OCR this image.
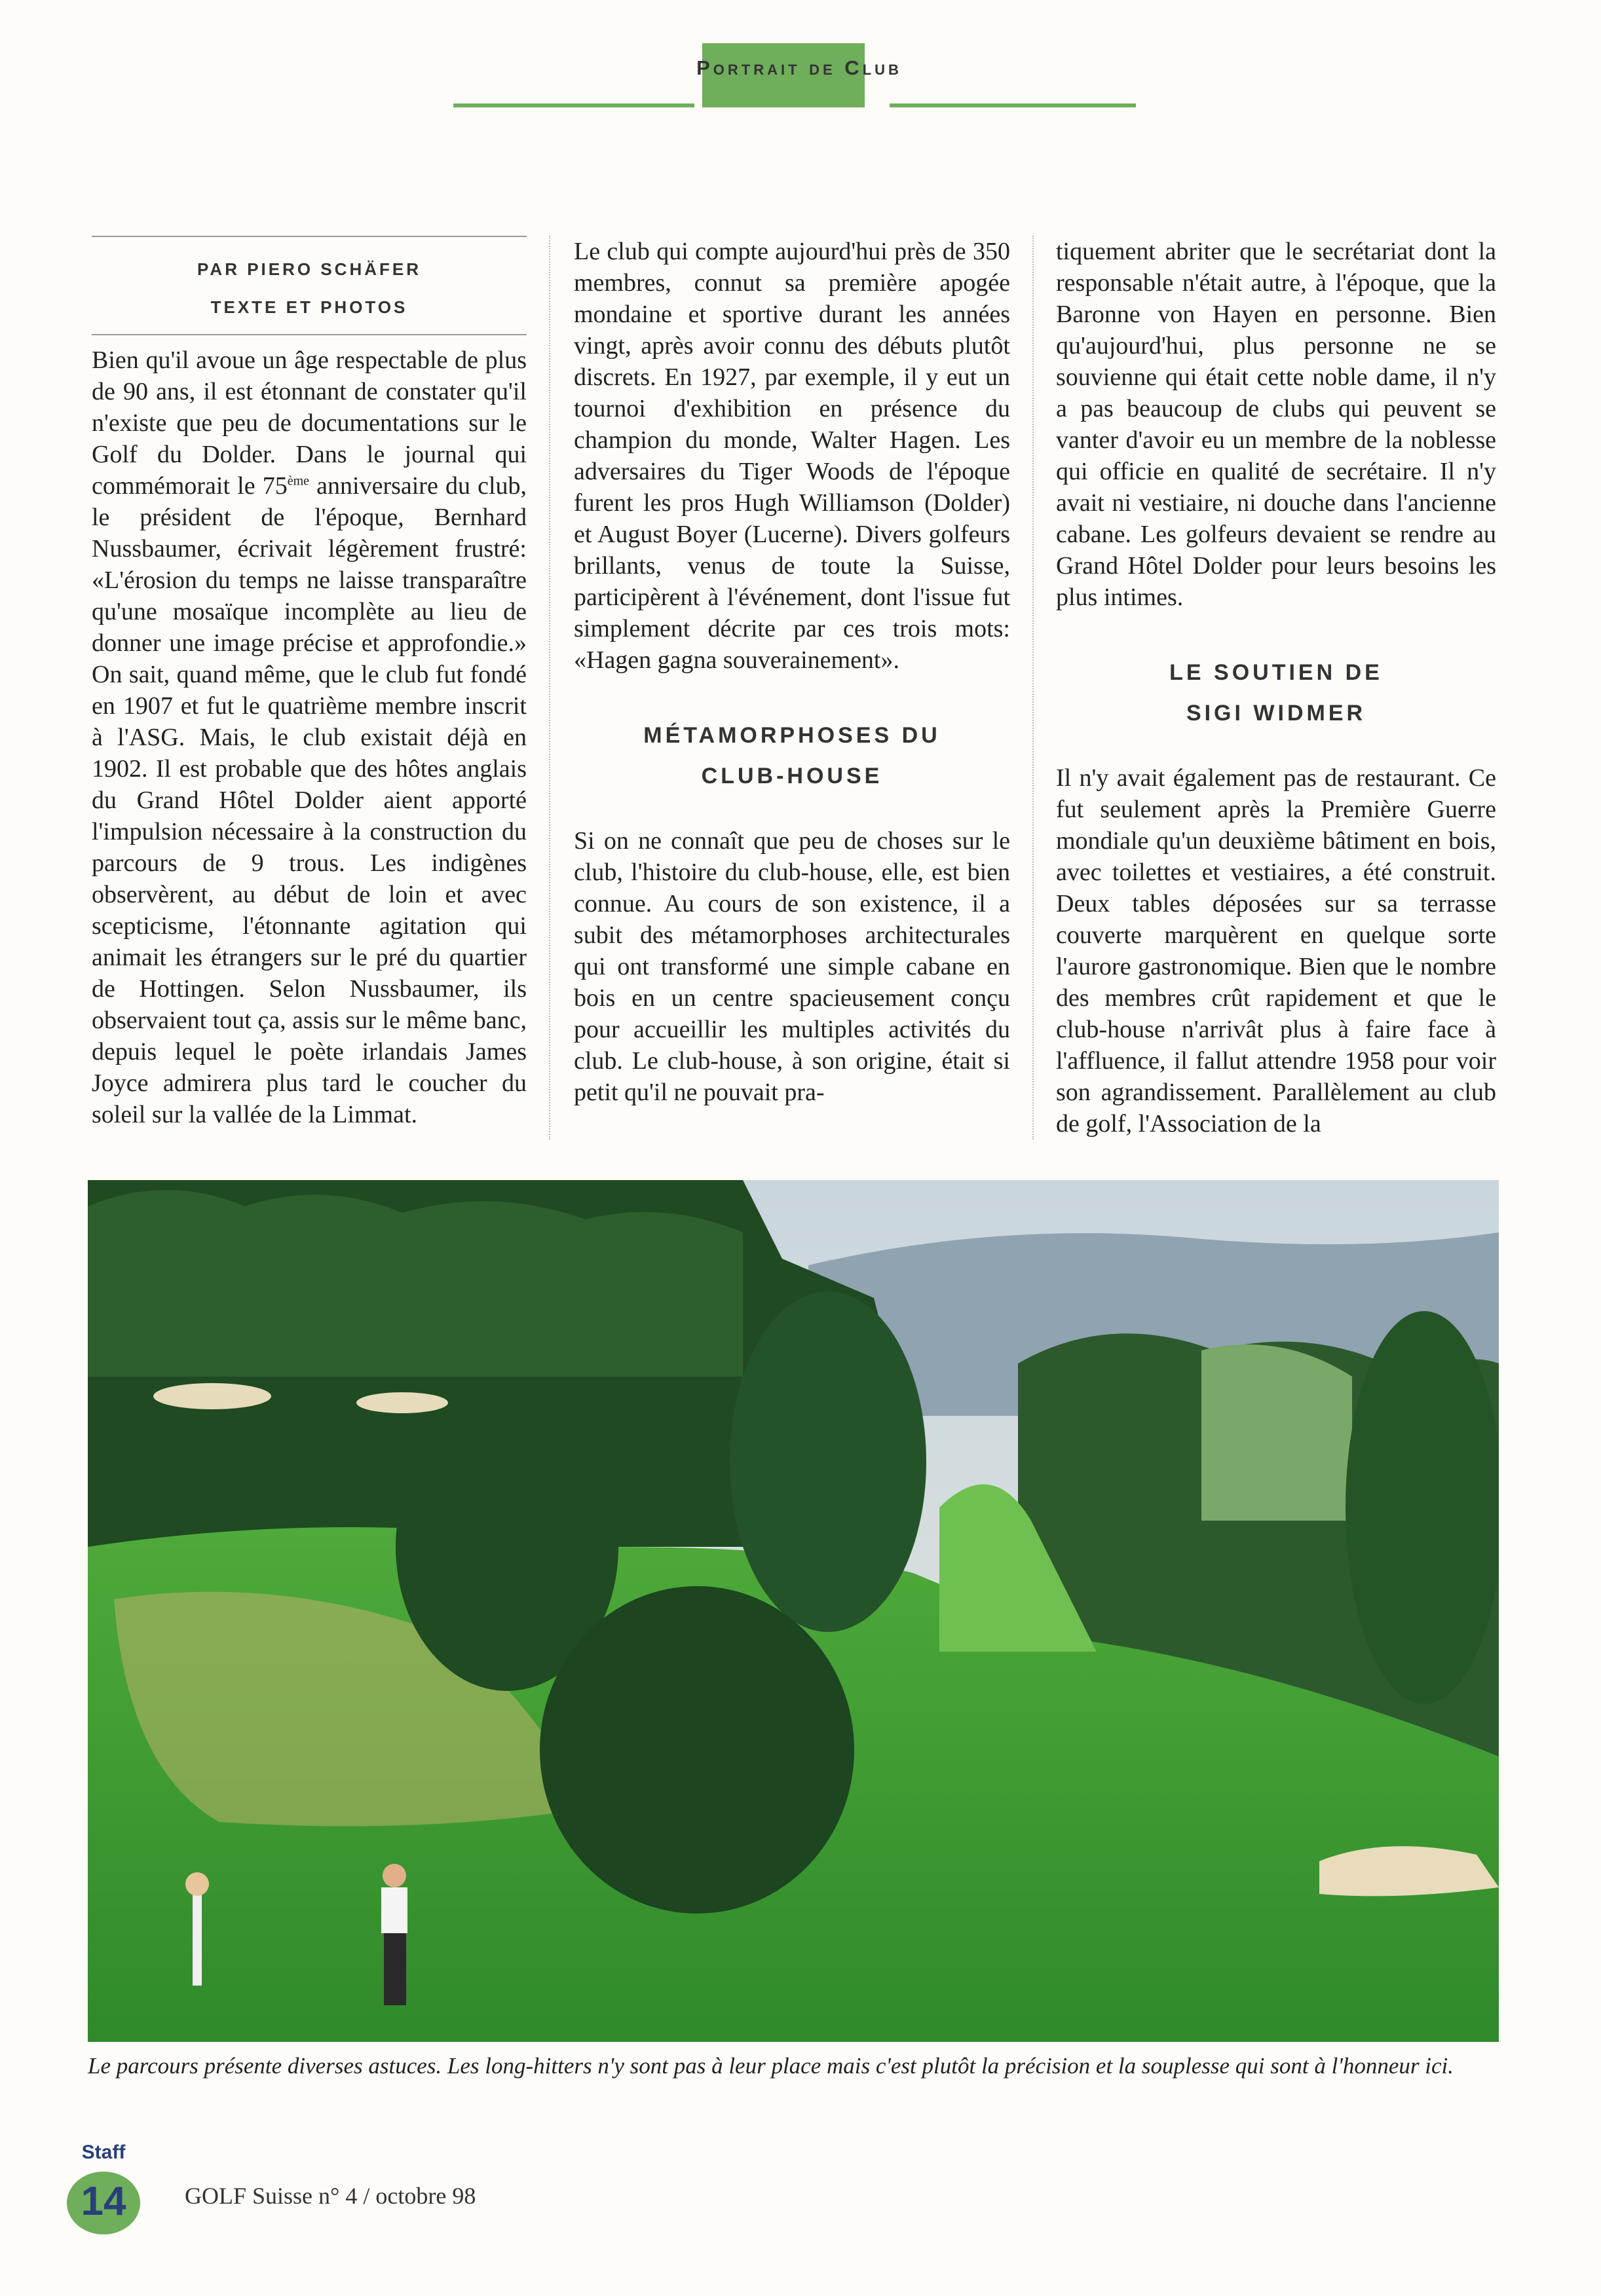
Portrait de Club
PAR PIERO SCHÄFER
TEXTE ET PHOTOS

Bien qu'il avoue un âge respectable de plus de 90 ans, il est étonnant de constater qu'il n'existe que peu de documentations sur le Golf du Dolder. Dans le journal qui commémorait le 75ème anniversaire du club, le président de l'époque, Bernhard Nussbaumer, écrivait légèrement frustré: «L'érosion du temps ne laisse transparaître qu'une mosaïque incomplète au lieu de donner une image précise et approfondie.» On sait, quand même, que le club fut fondé en 1907 et fut le quatrième membre inscrit à l'ASG. Mais, le club existait déjà en 1902. Il est probable que des hôtes anglais du Grand Hôtel Dolder aient apporté l'impulsion nécessaire à la construction du parcours de 9 trous. Les indigènes observèrent, au début de loin et avec scepticisme, l'étonnante agitation qui animait les étrangers sur le pré du quartier de Hottingen. Selon Nussbaumer, ils observaient tout ça, assis sur le même banc, depuis lequel le poète irlandais James Joyce admirera plus tard le coucher du soleil sur la vallée de la Limmat.

Le club qui compte aujourd'hui près de 350 membres, connut sa première apogée mondaine et sportive durant les années vingt, après avoir connu des débuts plutôt discrets. En 1927, par exemple, il y eut un tournoi d'exhibition en présence du champion du monde, Walter Hagen. Les adversaires du Tiger Woods de l'époque furent les pros Hugh Williamson (Dolder) et August Boyer (Lucerne). Divers golfeurs brillants, venus de toute la Suisse, participèrent à l'événement, dont l'issue fut simplement décrite par ces trois mots: «Hagen gagna souverainement».

MÉTAMORPHOSES DU
CLUB-HOUSE

Si on ne connaît que peu de choses sur le club, l'histoire du club-house, elle, est bien connue. Au cours de son existence, il a subit des métamorphoses architecturales qui ont transformé une simple cabane en bois en un centre spacieusement conçu pour accueillir les multiples activités du club. Le club-house, à son origine, était si petit qu'il ne pouvait pra-

tiquement abriter que le secrétariat dont la responsable n'était autre, à l'époque, que la Baronne von Hayen en personne. Bien qu'aujourd'hui, plus personne ne se souvienne qui était cette noble dame, il n'y a pas beaucoup de clubs qui peuvent se vanter d'avoir eu un membre de la noblesse qui officie en qualité de secrétaire. Il n'y avait ni vestiaire, ni douche dans l'ancienne cabane. Les golfeurs devaient se rendre au Grand Hôtel Dolder pour leurs besoins les plus intimes.

LE SOUTIEN DE
SIGI WIDMER

Il n'y avait également pas de restaurant. Ce fut seulement après la Première Guerre mondiale qu'un deuxième bâtiment en bois, avec toilettes et vestiaires, a été construit. Deux tables déposées sur sa terrasse couverte marquèrent en quelque sorte l'aurore gastronomique. Bien que le nombre des membres crût rapidement et que le club-house n'arrivât plus à faire face à l'affluence, il fallut attendre 1958 pour voir son agrandissement. Parallèlement au club de golf, l'Association de la

Le parcours présente diverses astuces. Les long-hitters n'y sont pas à leur place mais c'est plutôt la précision et la souplesse qui sont à l'honneur ici.
Staff
14	GOLF Suisse n° 4 / octobre 98
